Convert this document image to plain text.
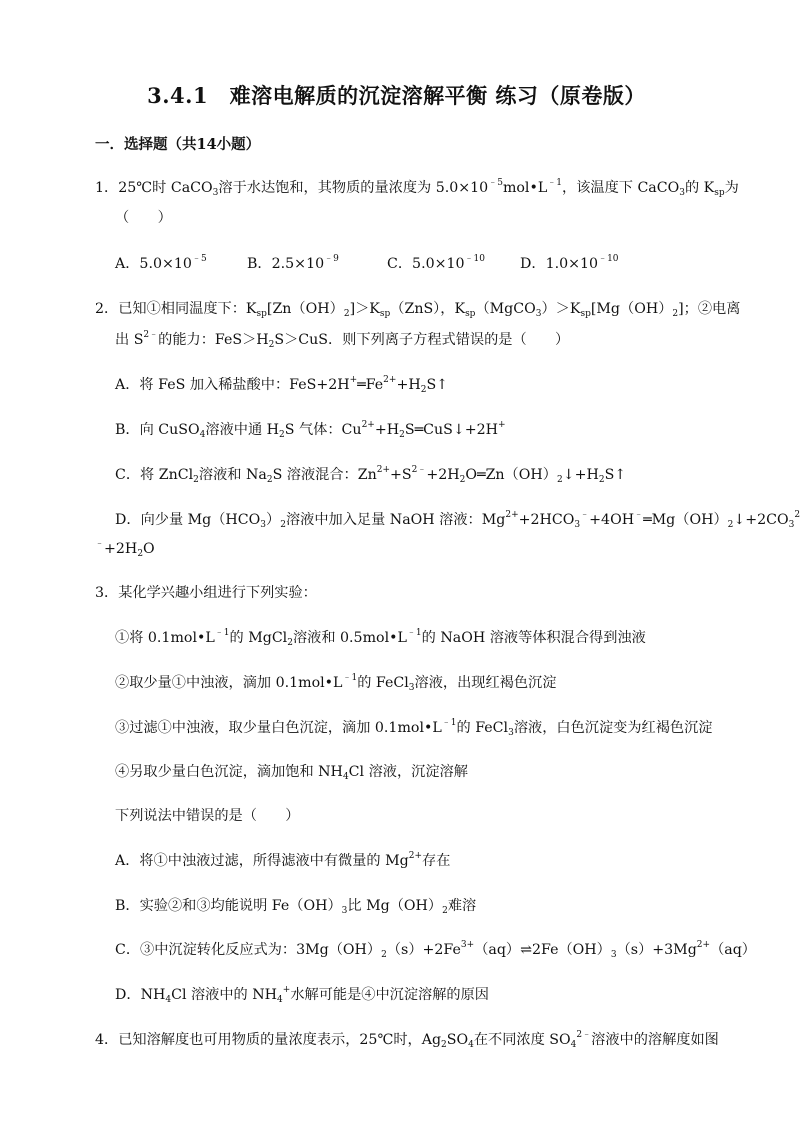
3.4.1　难溶电解质的沉淀溶解平衡 练习（原卷版）
一．选择题（共14小题）
1．25℃时 CaCO$_3$溶于水达饱和，其物质的量浓度为 $5.0\times 10^{﹣5}mol•L^{﹣1}$，该温度下 CaCO$_3$的 $K_{sp}$为
（　　）
A．$5.0\times 10^{﹣5}$	B．$2.5\times 10^{﹣9}$	C．$5.0\times 10^{﹣10}$ D．$1.0\times 10^{﹣10}$
2．已知①相同温度下：$K_{sp}[Zn(OH)_2]>K_{sp}(ZnS)$，$K_{sp}(MgCO_3)>K_{sp}[Mg(OH)_2]$；②电离
出 $S^{2﹣}$的能力：$FeS>H_2S>CuS$．则下列离子方程式错误的是（　　）
A．将 FeS 加入稀盐酸中：$FeS+2H^+═Fe^{2+}+H_2S↑$
B．向 CuSO$_4$溶液中通 $H_2S$ 气体：$Cu^{2+}+H_2S═CuS↓+2H^+$
C．将 ZnCl$_2$溶液和 $Na_2S$ 溶液混合：$Zn^{2+}+S^{2﹣}+2H_2O═Zn(OH)_2↓+H_2S↑$
D．向少量 $Mg(HCO_3)_2$溶液中加入足量 NaOH 溶液：$Mg^{2+}+2HCO_3^﹣+4OH^﹣═Mg(OH)_2↓+2CO_3^2$
$^﹣+2H_2O$
3．某化学兴趣小组进行下列实验：
①将 $0.1mol•L^{﹣1}$的 MgCl$_2$溶液和 $0.5mol•L^{﹣1}$的 NaOH 溶液等体积混合得到浊液
②取少量①中浊液，滴加 $0.1mol•L^{﹣1}$的 FeCl$_3$溶液，出现红褐色沉淀
③过滤①中浊液，取少量白色沉淀，滴加 $0.1mol•L^{﹣1}$的 FeCl$_3$溶液，白色沉淀变为红褐色沉淀
④另取少量白色沉淀，滴加饱和 $NH_4Cl$ 溶液，沉淀溶解
下列说法中错误的是（　　）
A．将①中浊液过滤，所得滤液中有微量的 $Mg^{2+}$存在
B．实验②和③均能说明 $Fe(OH)_3$比 $Mg(OH)_2$难溶
C．③中沉淀转化反应式为：$3Mg(OH)_2(s)+2Fe^{3+}(aq)\rightleftharpoons 2Fe(OH)_3(s)+3Mg^{2+}(aq)$
D．$NH_4Cl$ 溶液中的 $NH_4^+$水解可能是④中沉淀溶解的原因
4．已知溶解度也可用物质的量浓度表示，25℃时，$Ag_2SO_4$在不同浓度 $SO_4^{2﹣}$溶液中的溶解度如图
